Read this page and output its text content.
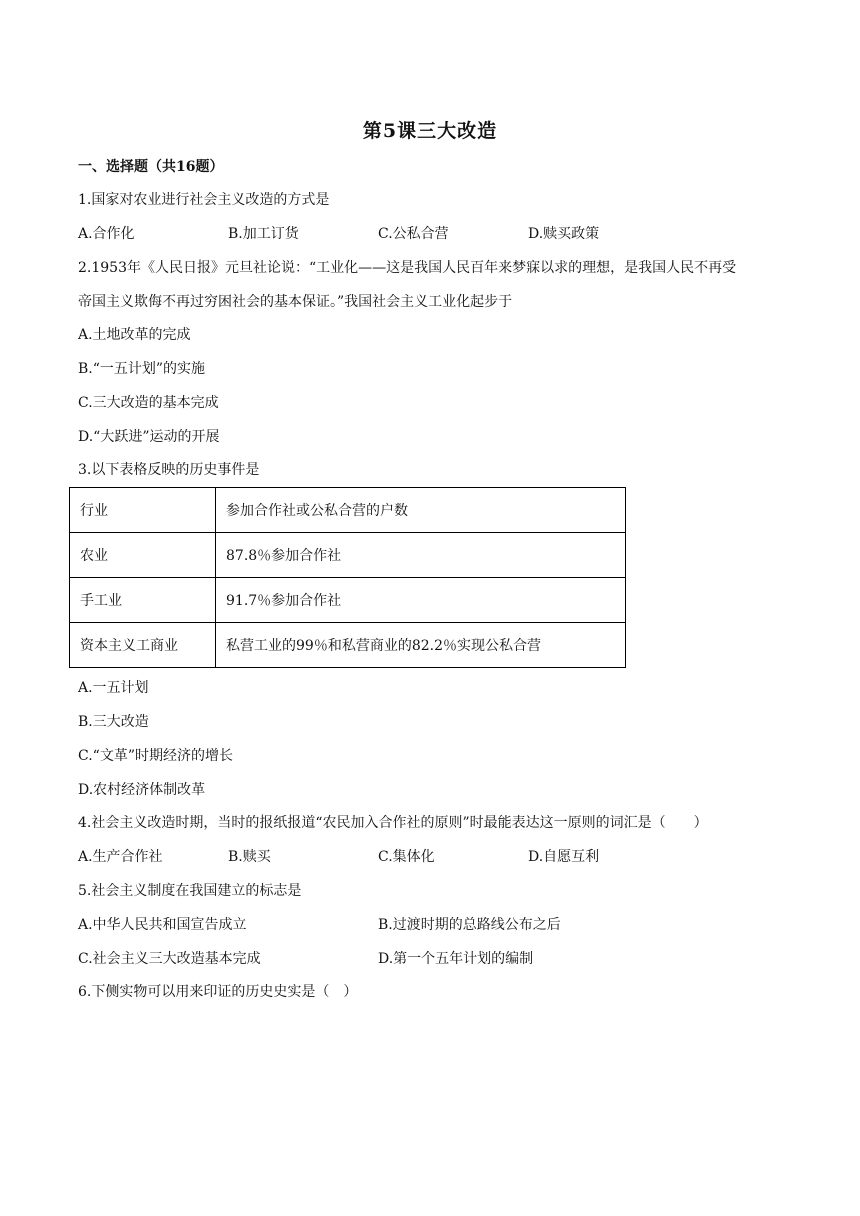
第5课三大改造
一、选择题（共16题）
1.国家对农业进行社会主义改造的方式是
A.合作化	B.加工订货	C.公私合营	D.赎买政策
2.1953年《人民日报》元旦社论说：“工业化——这是我国人民百年来梦寐以求的理想，是我国人民不再受
帝国主义欺侮不再过穷困社会的基本保证。”我国社会主义工业化起步于
A.土地改革的完成
B.“一五计划”的实施
C.三大改造的基本完成
D.“大跃进”运动的开展
3.以下表格反映的历史事件是
行业	参加合作社或公私合营的户数
农业	87.8％参加合作社
手工业	91.7％参加合作社
资本主义工商业	私营工业的99％和私营商业的82.2％实现公私合营
A.一五计划
B.三大改造
C.“文革”时期经济的增长
D.农村经济体制改革
4.社会主义改造时期，当时的报纸报道“农民加入合作社的原则”时最能表达这一原则的词汇是（　　）
A.生产合作社	B.赎买	C.集体化	D.自愿互利
5.社会主义制度在我国建立的标志是
A.中华人民共和国宣告成立	B.过渡时期的总路线公布之后
C.社会主义三大改造基本完成	D.第一个五年计划的编制
6.下侧实物可以用来印证的历史史实是（　）
